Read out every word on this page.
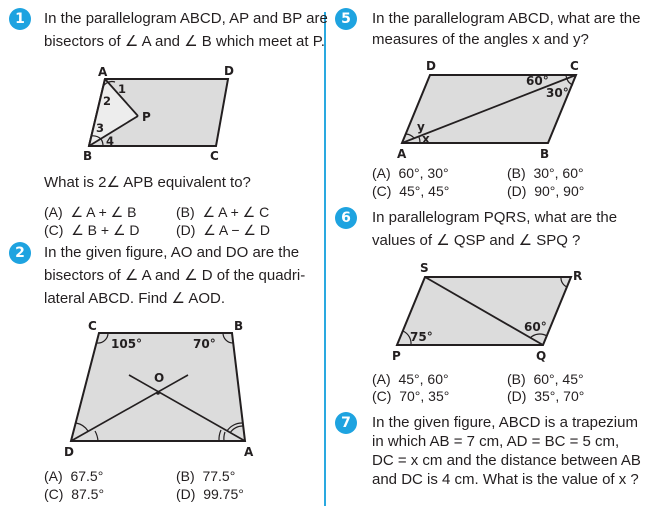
1	In the parallelogram ABCD, AP and BP are
bisectors of ∠ A and ∠ B which meet at P.
A	D
B	C
P
1
2
3
4
What is 2∠ APB equivalent to?
(A) ∠ A + ∠ B	(B) ∠ A + ∠ C
(C) ∠ B + ∠ D	(D) ∠ A − ∠ D
2	In the given figure, AO and DO are the
bisectors of ∠ A and ∠ D of the quadri-
lateral ABCD. Find ∠ AOD.
C	B
D	A
O
105°	70°
(A) 67.5°	(B) 77.5°
(C) 87.5°	(D) 99.75°
5	In the parallelogram ABCD, what are the
measures of the angles x and y?
D	C
A	B
y
x
60°
30°
(A) 60°, 30°	(B) 30°, 60°
(C) 45°, 45°	(D) 90°, 90°
6	In parallelogram PQRS, what are the
values of ∠ QSP and ∠ SPQ ?
S
R
P	Q
75°
60°
(A) 45°, 60°	(B) 60°, 45°
(C) 70°, 35°	(D) 35°, 70°
7	In the given figure, ABCD is a trapezium
in which AB = 7 cm, AD = BC = 5 cm,
DC = x cm and the distance between AB
and DC is 4 cm. What is the value of x ?
